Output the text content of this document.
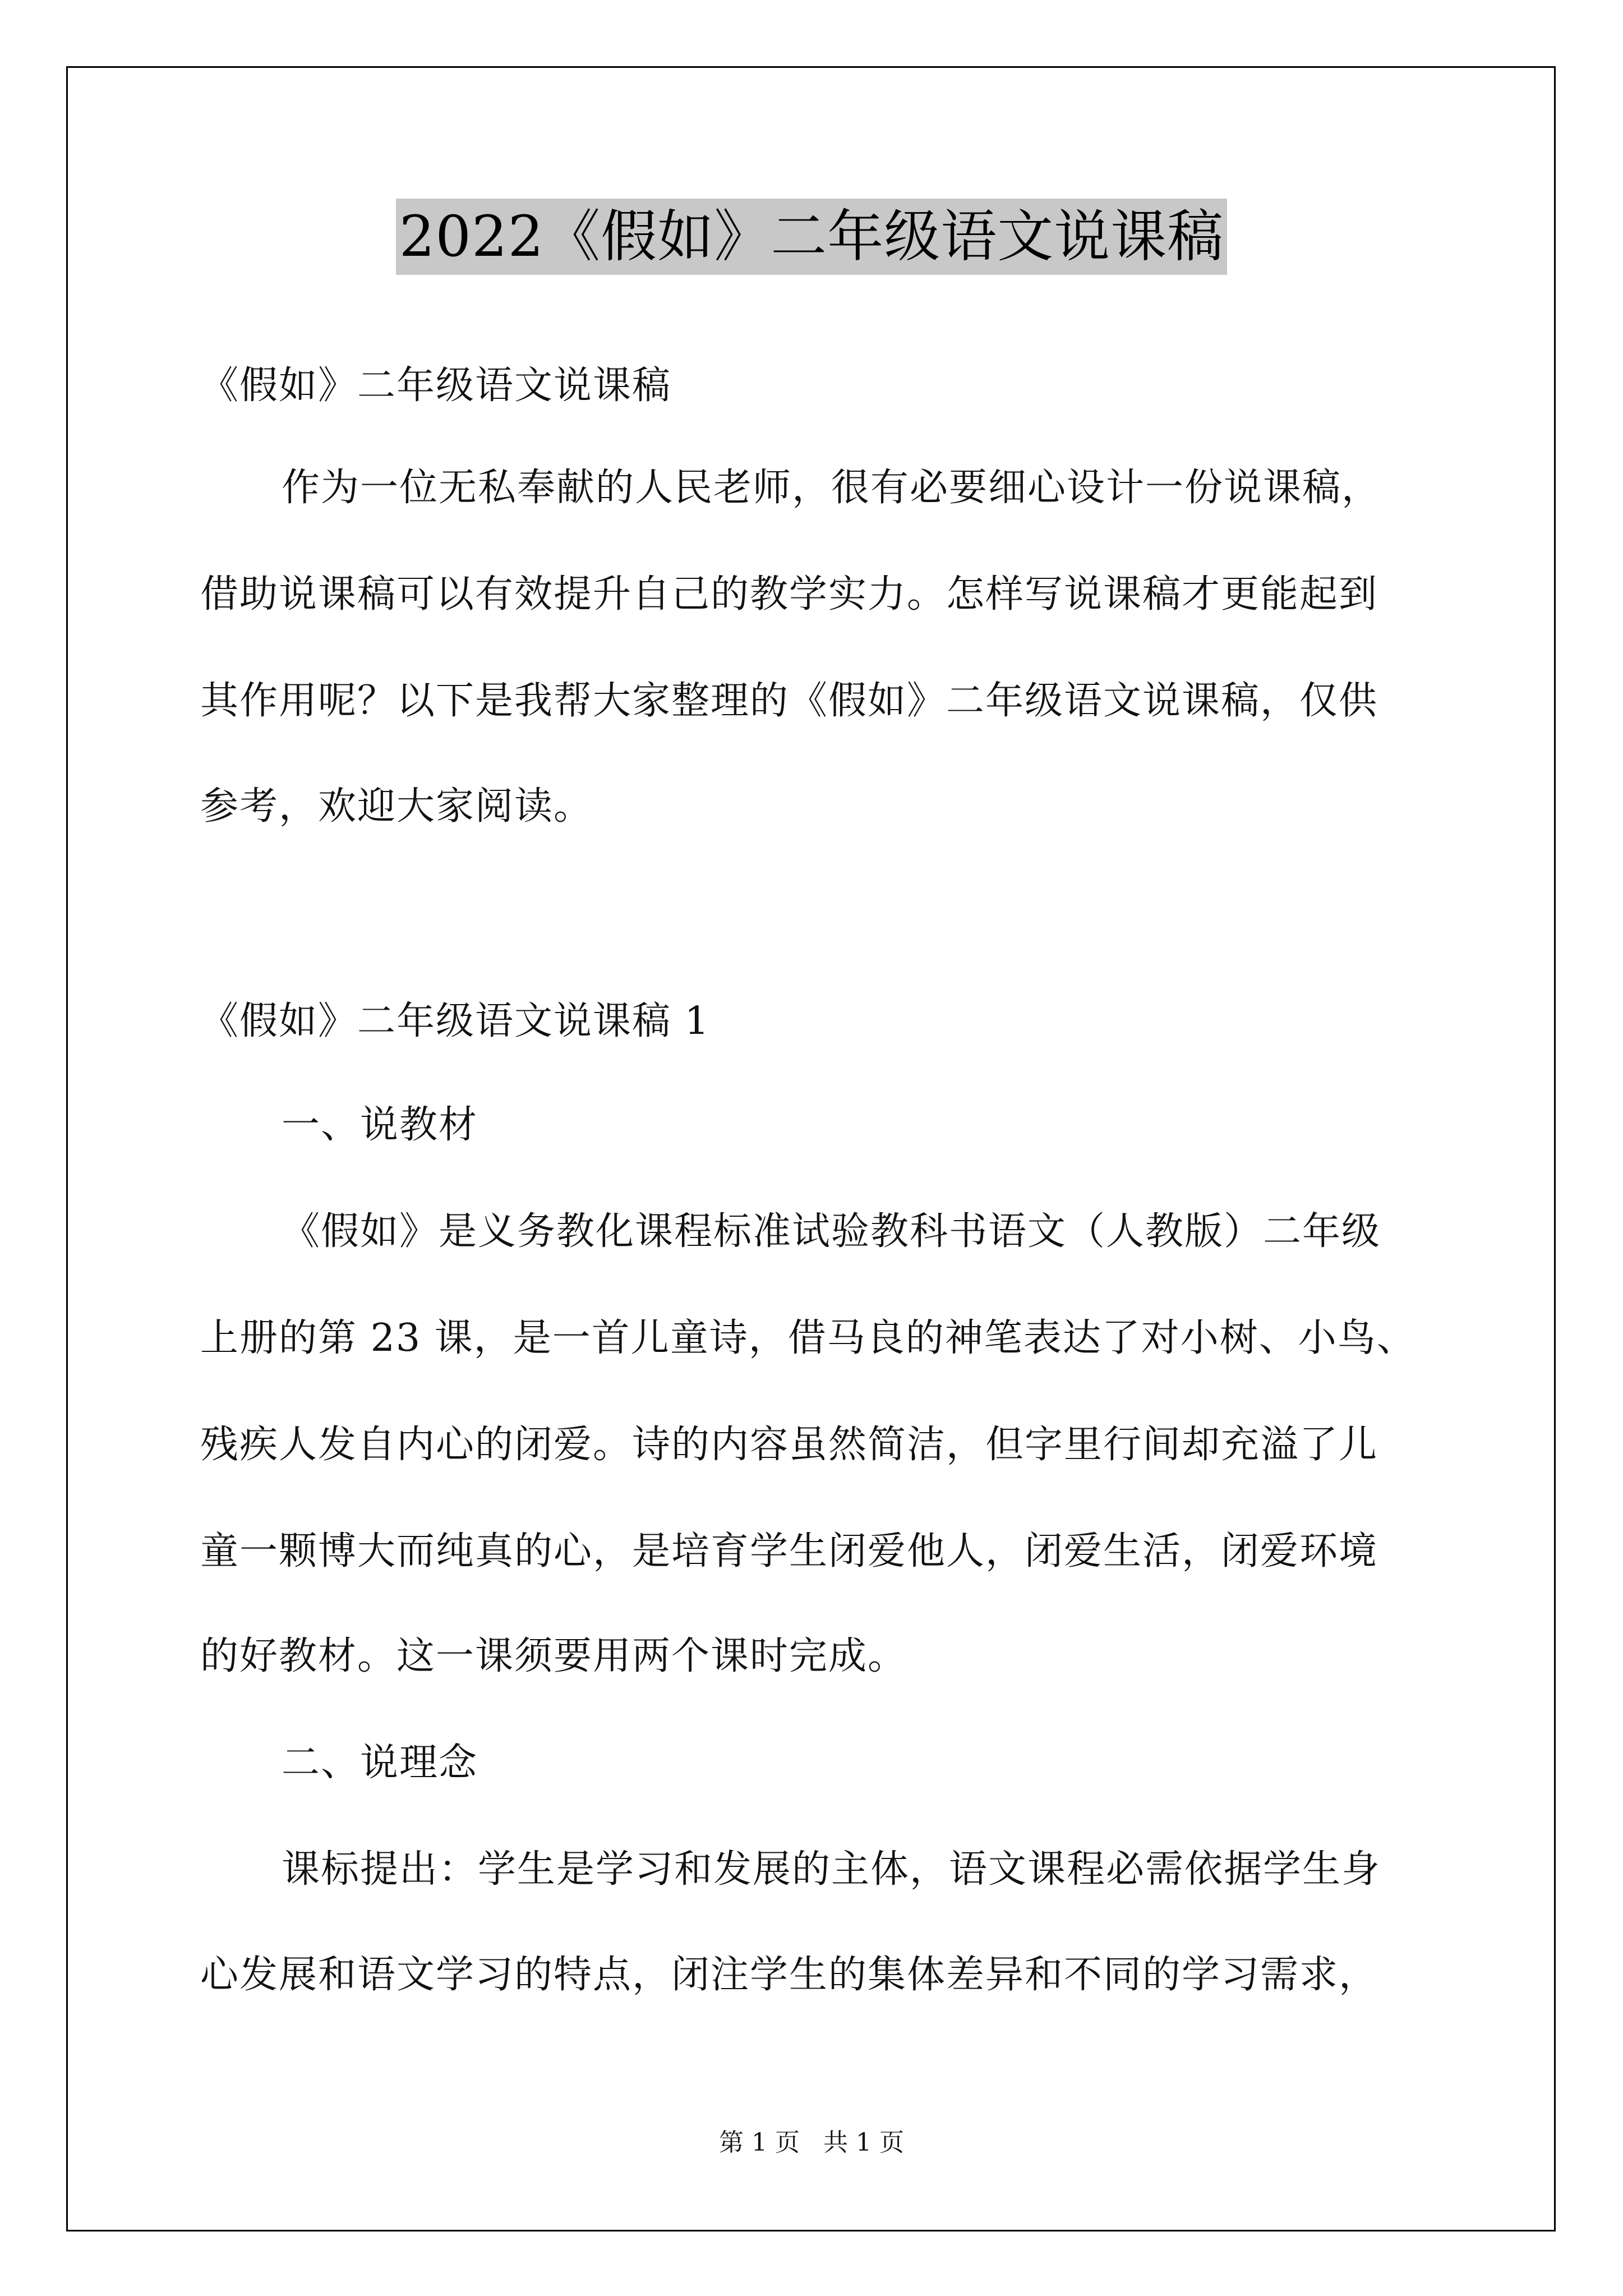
2022《假如》二年级语文说课稿
《假如》二年级语文说课稿
作为一位无私奉献的人民老师，很有必要细心设计一份说课稿，
借助说课稿可以有效提升自己的教学实力。怎样写说课稿才更能起到
其作用呢？以下是我帮大家整理的《假如》二年级语文说课稿，仅供
参考，欢迎大家阅读。
《假如》二年级语文说课稿 1
一、说教材
《假如》是义务教化课程标准试验教科书语文（人教版）二年级
上册的第 23 课，是一首儿童诗，借马良的神笔表达了对小树、小鸟、
残疾人发自内心的闭爱。诗的内容虽然简洁，但字里行间却充溢了儿
童一颗博大而纯真的心，是培育学生闭爱他人，闭爱生活，闭爱环境
的好教材。这一课须要用两个课时完成。
二、说理念
课标提出：学生是学习和发展的主体，语文课程必需依据学生身
心发展和语文学习的特点，闭注学生的集体差异和不同的学习需求，
第 1 页 共 1 页
